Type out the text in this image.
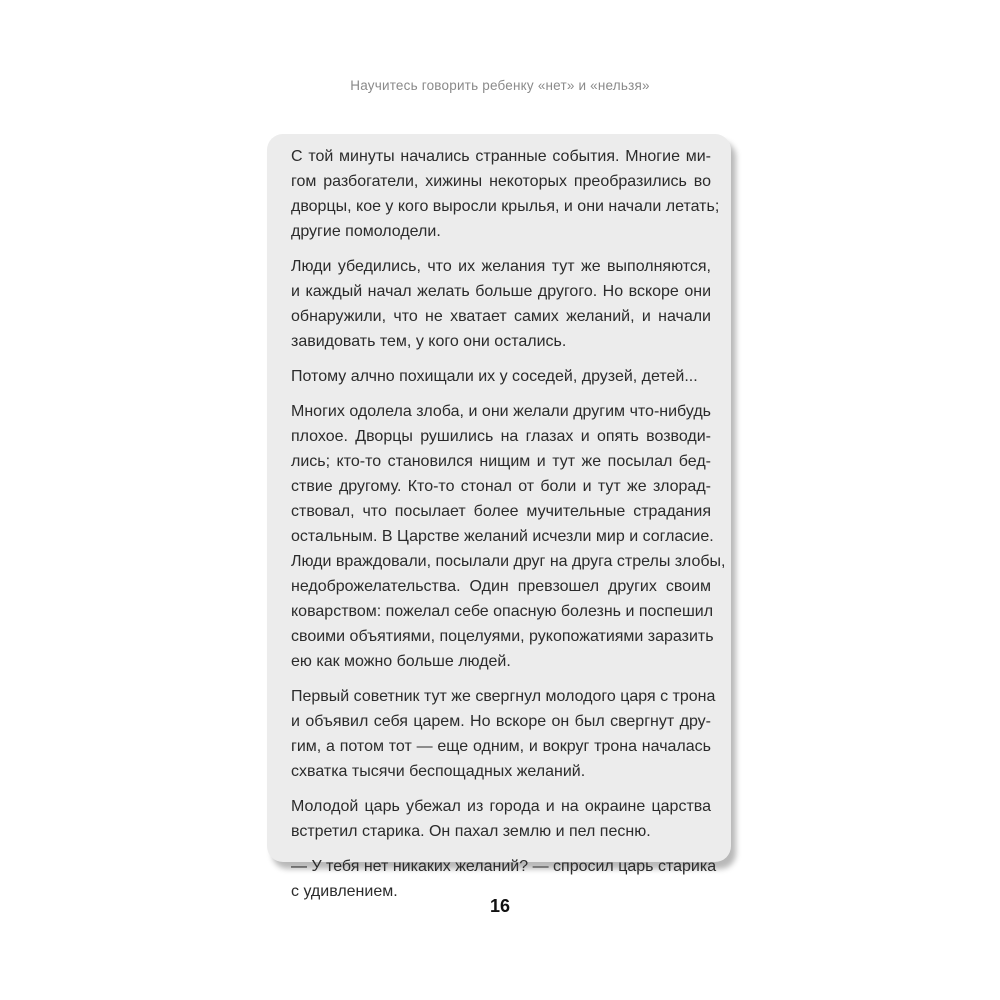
Научитесь говорить ребенку «нет» и «нельзя»

С той минуты начались странные события. Многие ми-
гом разбогатели, хижины некоторых преобразились во
дворцы, кое у кого выросли крылья, и они начали летать;
другие помолодели.

Люди убедились, что их желания тут же выполняются,
и каждый начал желать больше другого. Но вскоре они
обнаружили, что не хватает самих желаний, и начали
завидовать тем, у кого они остались.

Потому алчно похищали их у соседей, друзей, детей...

Многих одолела злоба, и они желали другим что-нибудь
плохое. Дворцы рушились на глазах и опять возводи-
лись; кто-то становился нищим и тут же посылал бед-
ствие другому. Кто-то стонал от боли и тут же злорад-
ствовал, что посылает более мучительные страдания
остальным. В Царстве желаний исчезли мир и согласие.
Люди враждовали, посылали друг на друга стрелы злобы,
недоброжелательства. Один превзошел других своим
коварством: пожелал себе опасную болезнь и поспешил
своими объятиями, поцелуями, рукопожатиями заразить
ею как можно больше людей.

Первый советник тут же свергнул молодого царя с трона
и объявил себя царем. Но вскоре он был свергнут дру-
гим, а потом тот — еще одним, и вокруг трона началась
схватка тысячи беспощадных желаний.

Молодой царь убежал из города и на окраине царства
встретил старика. Он пахал землю и пел песню.

— У тебя нет никаких желаний? — спросил царь старика
с удивлением.

16
